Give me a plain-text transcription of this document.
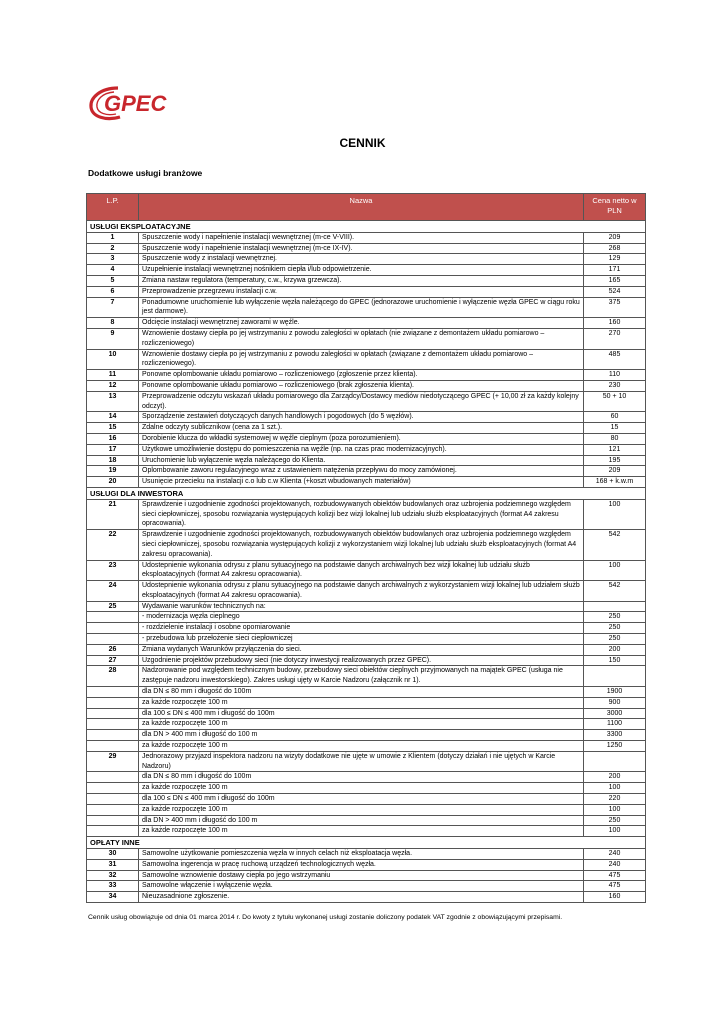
GPEC
CENNIK
Dodatkowe usługi branżowe
L.P.	Nazwa	Cena netto w PLN
USŁUGI EKSPLOATACYJNE		
1	Spuszczenie wody i napełnienie instalacji wewnętrznej (m-ce V-VIII).	209
2	Spuszczenie wody i napełnienie instalacji wewnętrznej (m-ce IX-IV).	268
3	Spuszczenie wody z instalacji wewnętrznej.	129
4	Uzupełnienie instalacji wewnętrznej nośnikiem ciepła i/lub odpowietrzenie.	171
5	Zmiana nastaw regulatora (temperatury, c.w., krzywa grzewcza).	165
6	Przeprowadzenie przegrzewu instalacji c.w.	524
7	Ponadumowne uruchomienie lub wyłączenie węzła należącego do GPEC (jednorazowe uruchomienie i wyłączenie węzła GPEC w ciągu roku jest darmowe).	375
8	Odcięcie instalacji wewnętrznej zaworami w węźle.	160
9	Wznowienie dostawy ciepła po jej wstrzymaniu z powodu zaległości w opłatach (nie związane z demontażem układu pomiarowo – rozliczeniowego)	270
10	Wznowienie dostawy ciepła po jej wstrzymaniu z powodu zaległości w opłatach (związane z demontażem układu pomiarowo – rozliczeniowego).	485
11	Ponowne oplombowanie układu pomiarowo – rozliczeniowego (zgłoszenie przez klienta).	110
12	Ponowne oplombowanie układu pomiarowo – rozliczeniowego (brak zgłoszenia klienta).	230
13	Przeprowadzenie odczytu wskazań układu pomiarowego dla Zarządcy/Dostawcy mediów niedotyczącego GPEC (+ 10,00 zł za każdy kolejny odczyt).	50 + 10
14	Sporządzenie zestawień dotyczących danych handlowych i pogodowych (do 5 węzłów).	60
15	Zdalne odczyty sublicznikow (cena za 1 szt.).	15
16	Dorobienie klucza do wkładki systemowej w węźle cieplnym (poza porozumieniem).	80
17	Użytkowe umożliwienie dostępu do pomieszczenia na węźle (np. na czas prac modernizacyjnych).	121
18	Uruchomienie lub wyłączenie węzła należącego do Klienta.	195
19	Oplombowanie zaworu regulacyjnego wraz z ustawieniem natężenia przepływu do mocy zamówionej.	209
20	Usunięcie przecieku na instalacji c.o lub c.w Klienta (+koszt wbudowanych materiałów)	168 + k.w.m
USŁUGI DLA INWESTORA		
21	Sprawdzenie i uzgodnienie zgodności projektowanych, rozbudowywanych obiektów budowlanych oraz uzbrojenia podziemnego względem sieci ciepłowniczej, sposobu rozwiązania występujących kolizji bez wizji lokalnej lub udziału służb eksploatacyjnych (format A4 zakresu opracowania).	100
22	Sprawdzenie i uzgodnienie zgodności projektowanych, rozbudowywanych obiektów budowlanych oraz uzbrojenia podziemnego względem sieci ciepłowniczej, sposobu rozwiązania występujących kolizji z wykorzystaniem wizji lokalnej lub udziału służb eksploatacyjnych (format A4 zakresu opracowania).	542
23	Udostepnienie wykonania odrysu z planu sytuacyjnego na podstawie danych archiwalnych bez wizji lokalnej lub udziału służb eksploatacyjnych (format A4 zakresu opracowania).	100
24	Udostepnienie wykonania odrysu z planu sytuacyjnego na podstawie danych archiwalnych z wykorzystaniem wizji lokalnej lub udziałem służb eksploatacyjnych (format A4 zakresu opracowania).	542
25	Wydawanie warunków technicznych na:	
	- modernizacja węzła cieplnego	250
	- rozdzielenie instalacji i osobne opomiarowanie	250
	- przebudowa lub przełożenie sieci ciepłowniczej	250
26	Zmiana wydanych Warunków przyłączenia do sieci.	200
27	Uzgodnienie projektów przebudowy sieci (nie dotyczy inwestycji realizowanych przez GPEC).	150
28	Nadzorowanie pod względem technicznym budowy, przebudowy sieci obiektów cieplnych przyjmowanych na majątek GPEC (usługa nie zastępuje nadzoru inwestorskiego). Zakres usługi ujęty w Karcie Nadzoru (załącznik nr 1).	
	dla DN ≤ 80 mm i długość do 100m	1900
	za każde rozpoczęte 100 m	900
	dla 100 ≤ DN ≤ 400 mm i długość do 100m	3000
	za każde rozpoczęte 100 m	1100
	dla DN > 400 mm i długość do 100 m	3300
	za każde rozpoczęte 100 m	1250
29	Jednorazowy przyjazd inspektora nadzoru na wizyty dodatkowe nie ujęte w umowie z Klientem (dotyczy działań i nie ujętych w Karcie Nadzoru)	
	dla DN ≤ 80 mm i długość do 100m	200
	za każde rozpoczęte 100 m	100
	dla 100 ≤ DN ≤ 400 mm i długość do 100m	220
	za każde rozpoczęte 100 m	100
	dla DN > 400 mm i długość do 100 m	250
	za każde rozpoczęte 100 m	100
OPŁATY INNE		
30	Samowolne użytkowanie pomieszczenia węzła w innych celach niż eksploatacja węzła.	240
31	Samowolna ingerencja w pracę ruchową urządzeń technologicznych węzła.	240
32	Samowolne wznowienie dostawy ciepła po jego wstrzymaniu	475
33	Samowolne włączenie i wyłączenie węzła.	475
34	Nieuzasadnione zgłoszenie.	160
Cennik usług obowiązuje od dnia 01 marca 2014 r. Do kwoty z tytułu wykonanej usługi zostanie doliczony podatek VAT zgodnie z obowiązującymi przepisami.
